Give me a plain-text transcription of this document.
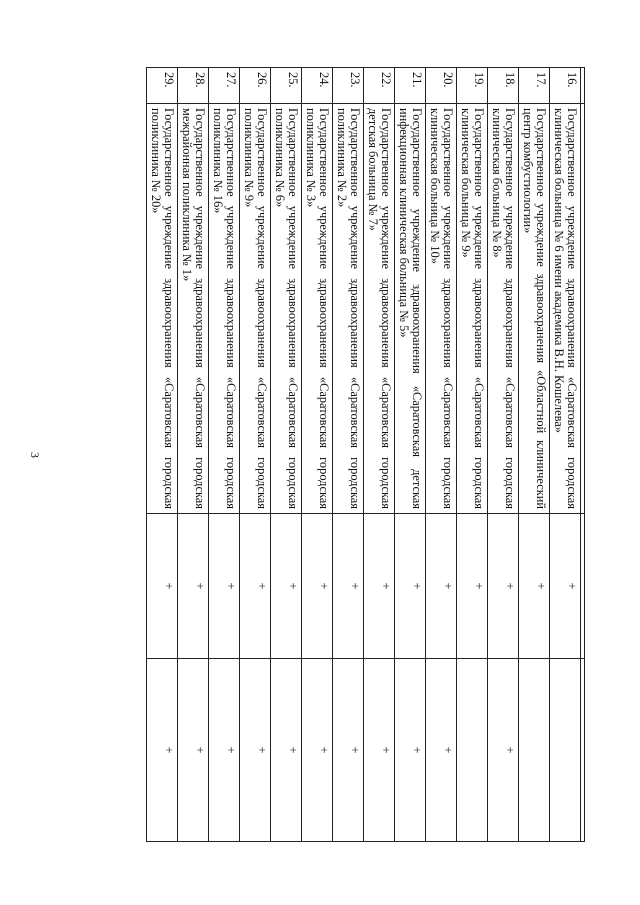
3

16.	Государственное учреждение здравоохранения «Саратовская городская клиническая больница № 6 имени академика В.Н. Кошелева»	+	
17.	Государственное учреждение здравоохранения «Областной клинический центр комбустиологии»	+	
18.	Государственное учреждение здравоохранения «Саратовская городская клиническая больница № 8»	+	+
19.	Государственное учреждение здравоохранения «Саратовская городская клиническая больница № 9»	+	
20.	Государственное учреждение здравоохранения «Саратовская городская клиническая больница № 10»	+	+
21.	Государственное учреждение здравоохранения «Саратовская детская инфекционная клиническая больница № 5»	+	+
22.	Государственное учреждение здравоохранения «Саратовская городская детская больница № 7»	+	+
23.	Государственное учреждение здравоохранения «Саратовская городская поликлиника № 2»	+	+
24.	Государственное учреждение здравоохранения «Саратовская городская поликлиника № 3»	+	+
25.	Государственное учреждение здравоохранения «Саратовская городская поликлиника № 6»	+	+
26.	Государственное учреждение здравоохранения «Саратовская городская поликлиника № 9»	+	+
27.	Государственное учреждение здравоохранения «Саратовская городская поликлиника № 16»	+	+
28.	Государственное учреждение здравоохранения «Саратовская городская межрайонная поликлиника № 1»	+	+
29.	Государственное учреждение здравоохранения «Саратовская городская поликлиника № 20»	+	+
